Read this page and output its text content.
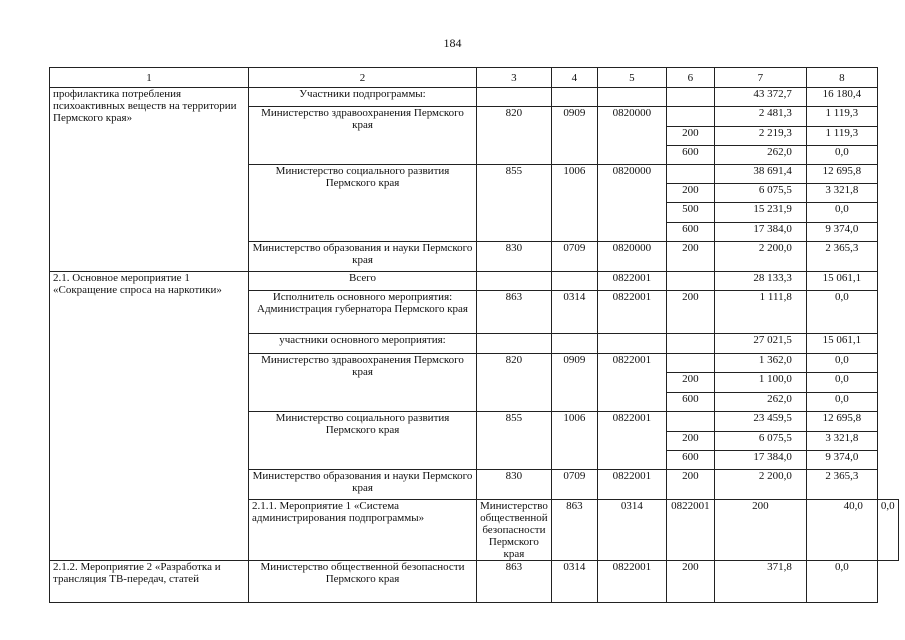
184
1	2	3	4	5	6	7	8	
профилактика потребления психоактивных веществ на территории Пермского края»	Участники подпрограммы:					43 372,7	16 180,4	
	Министерство здравоохранения Пермского края	820	0909	0820000		2 481,3	1 119,3	
					200	2 219,3	1 119,3	
					600	262,0	0,0	
	Министерство социального развития Пермского края	855	1006	0820000		38 691,4	12 695,8	
					200	6 075,5	3 321,8	
					500	15 231,9	0,0	
					600	17 384,0	9 374,0	
	Министерство образования и науки Пермского края	830	0709	0820000	200	2 200,0	2 365,3	
2.1. Основное мероприятие 1 «Сокращение спроса на наркотики»	Всего			0822001		28 133,3	15 061,1	
	Исполнитель основного мероприятия: Администрация губернатора Пермского края	863	0314	0822001	200	1 111,8	0,0	
	участники основного мероприятия:					27 021,5	15 061,1	
	Министерство здравоохранения Пермского края	820	0909	0822001		1 362,0	0,0	
					200	1 100,0	0,0	
					600	262,0	0,0	
	Министерство социального развития Пермского края	855	1006	0822001		23 459,5	12 695,8	
					200	6 075,5	3 321,8	
					600	17 384,0	9 374,0	
	Министерство образования и науки Пермского края	830	0709	0822001	200	2 200,0	2 365,3	
	2.1.1. Мероприятие 1 «Система администрирования подпрограммы»	Министерство общественной безопасности Пермского края	863	0314	0822001	200	40,0	0,0
2.1.2. Мероприятие 2 «Разработка и трансляция ТВ-передач, статей	Министерство общественной безопасности Пермского края	863	0314	0822001	200	371,8	0,0	
